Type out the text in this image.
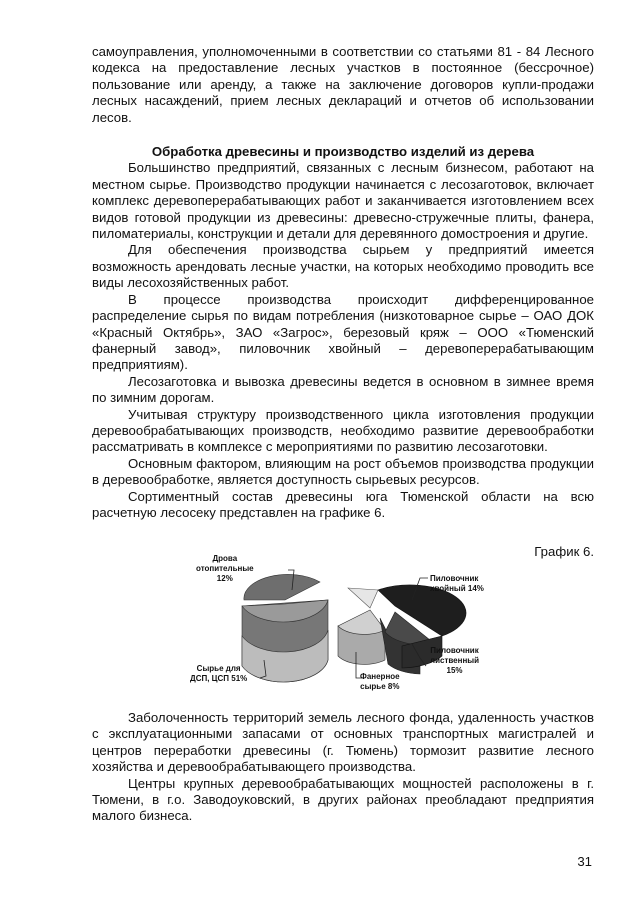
самоуправления, уполномоченными в соответствии со статьями 81 - 84 Лесного кодекса на предоставление лесных участков в постоянное (бессрочное) пользование или аренду, а также на заключение договоров купли-продажи лесных насаждений, прием лесных деклараций и отчетов об использовании лесов.

Обработка древесины и производство изделий из дерева

Большинство предприятий, связанных с лесным бизнесом, работают на местном сырье. Производство продукции начинается с лесозаготовок, включает комплекс деревоперерабатывающих работ и заканчивается изготовлением всех видов готовой продукции из древесины: древесно-стружечные плиты, фанера, пиломатериалы, конструкции и детали для деревянного домостроения и другие.

Для обеспечения производства сырьем у предприятий имеется возможность арендовать лесные участки, на которых необходимо проводить все виды лесохозяйственных работ.

В процессе производства происходит дифференцированное распределение сырья по видам потребления (низкотоварное сырье – ОАО ДОК «Красный Октябрь», ЗАО «Загрос», березовый кряж – ООО «Тюменский фанерный завод», пиловочник хвойный – деревоперерабатывающим предприятиям).

Лесозаготовка и вывозка древесины ведется в основном в зимнее время по зимним дорогам.

Учитывая структуру производственного цикла изготовления продукции деревообрабатывающих производств, необходимо развитие деревообработки рассматривать в комплексе с мероприятиями по развитию лесозаготовки.

Основным фактором, влияющим на рост объемов производства продукции в деревообработке, является доступность сырьевых ресурсов.

Сортиментный состав древесины юга Тюменской области на всю расчетную лесосеку представлен на графике 6.

График 6.
Дрова
отопительные
12%	Пиловочник
хвойный 14%
Пиловочник
лиственный
15%
Фанерное
сырье 8%
Сырье для
ДСП, ЦСП 51%

Заболоченность территорий земель лесного фонда, удаленность участков с эксплуатационными запасами от основных транспортных магистралей и центров переработки древесины (г. Тюмень) тормозит развитие лесного хозяйства и деревообрабатывающего производства.

Центры крупных деревообрабатывающих мощностей расположены в г. Тюмени, в г.о. Заводоуковский, в других районах преобладают предприятия малого бизнеса.

31
